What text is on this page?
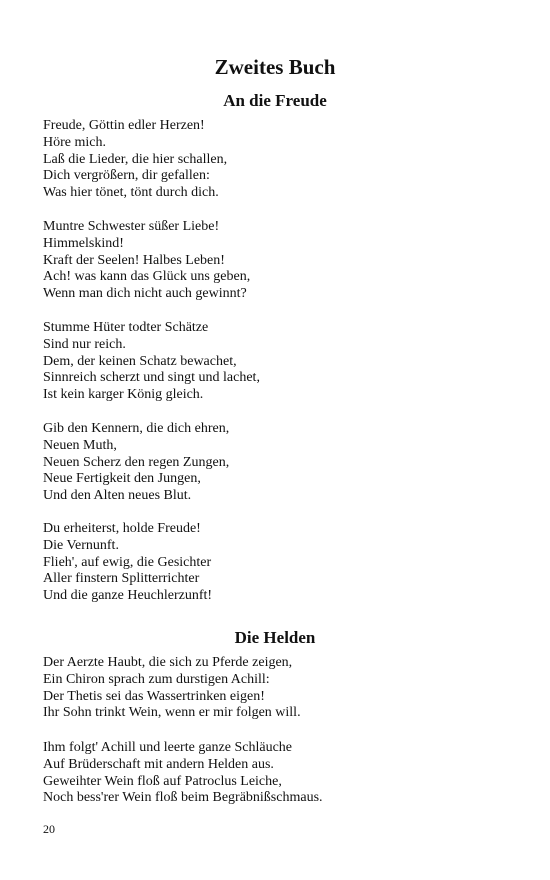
Zweites Buch
An die Freude
Freude, Göttin edler Herzen!
Höre mich.
Laß die Lieder, die hier schallen,
Dich vergrößern, dir gefallen:
Was hier tönet, tönt durch dich.
Muntre Schwester süßer Liebe!
Himmelskind!
Kraft der Seelen! Halbes Leben!
Ach! was kann das Glück uns geben,
Wenn man dich nicht auch gewinnt?
Stumme Hüter todter Schätze
Sind nur reich.
Dem, der keinen Schatz bewachet,
Sinnreich scherzt und singt und lachet,
Ist kein karger König gleich.
Gib den Kennern, die dich ehren,
Neuen Muth,
Neuen Scherz den regen Zungen,
Neue Fertigkeit den Jungen,
Und den Alten neues Blut.
Du erheiterst, holde Freude!
Die Vernunft.
Flieh', auf ewig, die Gesichter
Aller finstern Splitterrichter
Und die ganze Heuchlerzunft!
Die Helden
Der Aerzte Haubt, die sich zu Pferde zeigen,
Ein Chiron sprach zum durstigen Achill:
Der Thetis sei das Wassertrinken eigen!
Ihr Sohn trinkt Wein, wenn er mir folgen will.
Ihm folgt' Achill und leerte ganze Schläuche
Auf Brüderschaft mit andern Helden aus.
Geweihter Wein floß auf Patroclus Leiche,
Noch bess'rer Wein floß beim Begräbnißschmaus.
20
